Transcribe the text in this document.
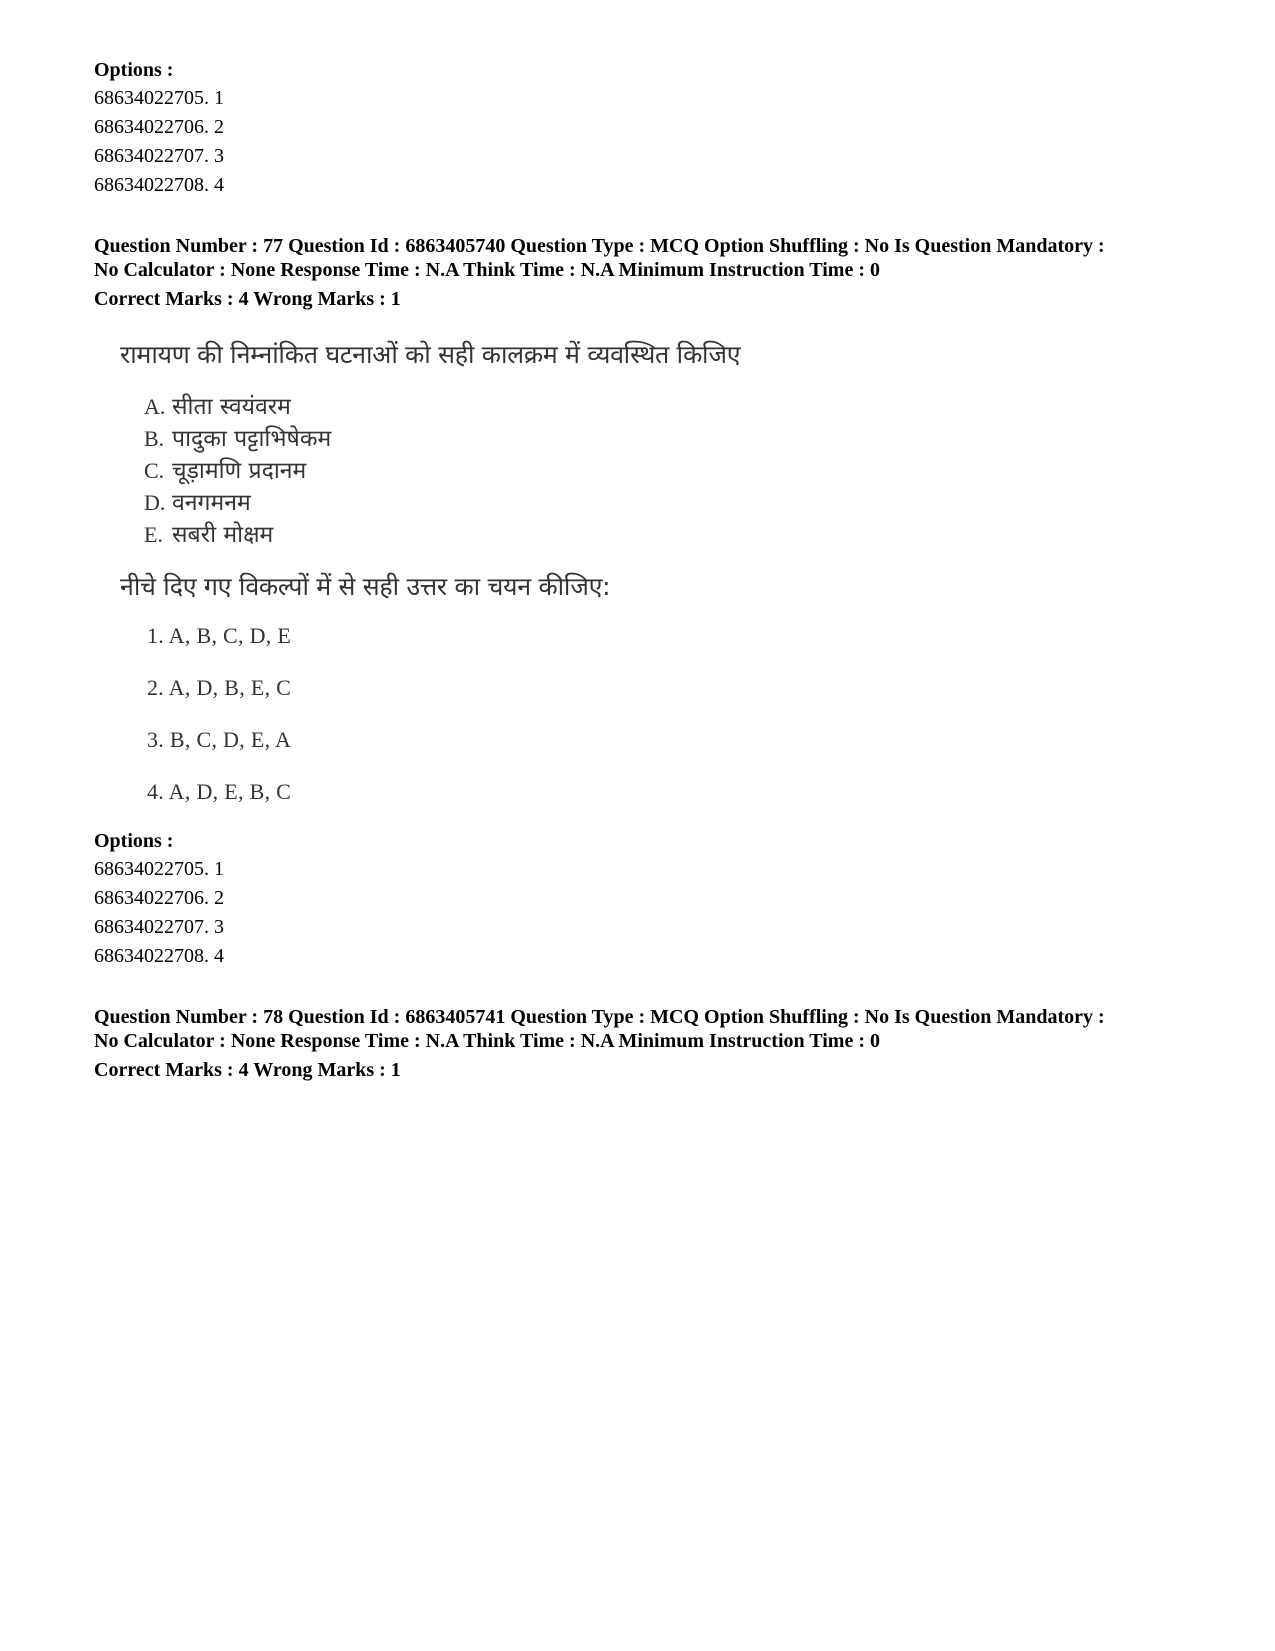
Options :
68634022705. 1
68634022706. 2
68634022707. 3
68634022708. 4
Question Number : 77 Question Id : 6863405740 Question Type : MCQ Option Shuffling : No Is Question Mandatory :
No Calculator : None Response Time : N.A Think Time : N.A Minimum Instruction Time : 0
Correct Marks : 4 Wrong Marks : 1
रामायण की निम्नांकित घटनाओं को सही कालक्रम में व्यवस्थित किजिए
A. सीता स्वयंवरम
B. पादुका पट्टाभिषेकम
C. चूड़ामणि प्रदानम
D. वनगमनम
E. सबरी मोक्षम
नीचे दिए गए विकल्पों में से सही उत्तर का चयन कीजिए:
1. A, B, C, D, E
2. A, D, B, E, C
3. B, C, D, E, A
4. A, D, E, B, C
Options :
68634022705. 1
68634022706. 2
68634022707. 3
68634022708. 4
Question Number : 78 Question Id : 6863405741 Question Type : MCQ Option Shuffling : No Is Question Mandatory :
No Calculator : None Response Time : N.A Think Time : N.A Minimum Instruction Time : 0
Correct Marks : 4 Wrong Marks : 1
